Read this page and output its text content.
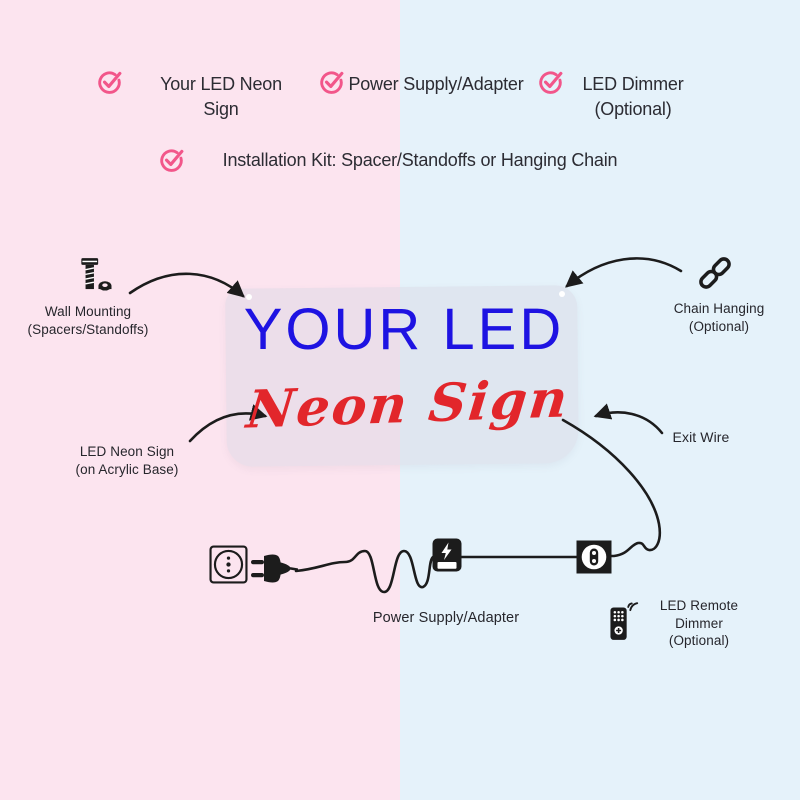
YOUR LED
Neon Sign
Your LED Neon Sign
Power Supply/Adapter	LED Dimmer (Optional)
Installation Kit: Spacer/Standoffs or Hanging Chain
Wall Mounting
(Spacers/Standoffs)
Chain Hanging
(Optional)
LED Neon Sign
(on Acrylic Base)
Exit Wire
Power Supply/Adapter
LED Remote
Dimmer
(Optional)
